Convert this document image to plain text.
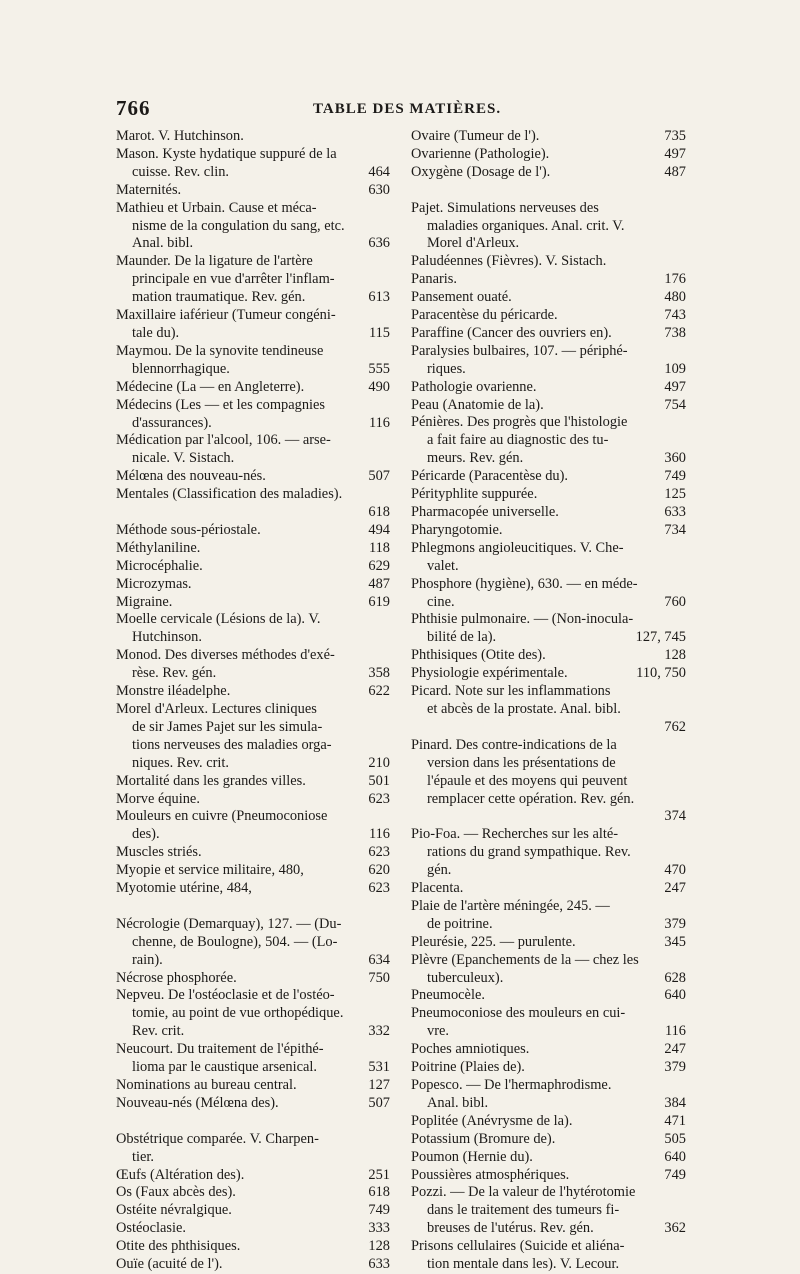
766	TABLE DES MATIÈRES.
Marot. V. Hutchinson.
Mason. Kyste hydatique suppuré de la
cuisse. Rev. clin.	464
Maternités.	630
Mathieu et Urbain. Cause et méca-
nisme de la congulation du sang, etc.
Anal. bibl.	636
Maunder. De la ligature de l'artère
principale en vue d'arrêter l'inflam-
mation traumatique. Rev. gén.	613
Maxillaire iaférieur (Tumeur congéni-
tale du).	115
Maymou. De la synovite tendineuse
blennorrhagique.	555
Médecine (La — en Angleterre).	490
Médecins (Les — et les compagnies
d'assurances).	116
Médication par l'alcool, 106. — arse-
nicale. V. Sistach.
Mélœna des nouveau-nés.	507
Mentales (Classification des maladies).

618
Méthode sous-périostale.	494
Méthylaniline.	118
Microcéphalie.	629
Microzymas.	487
Migraine.	619
Moelle cervicale (Lésions de la). V.
Hutchinson.
Monod. Des diverses méthodes d'exé-
rèse. Rev. gén.	358
Monstre iléadelphe.	622
Morel d'Arleux. Lectures cliniques
de sir James Pajet sur les simula-
tions nerveuses des maladies orga-
niques. Rev. crit.	210
Mortalité dans les grandes villes.	501
Morve équine.	623
Mouleurs en cuivre (Pneumoconiose
des).	116
Muscles striés.	623
Myopie et service militaire, 480,	620
Myotomie utérine, 484,	623
Nécrologie (Demarquay), 127. — (Du-
chenne, de Boulogne), 504. — (Lo-
rain).	634
Nécrose phosphorée.	750
Nepveu. De l'ostéoclasie et de l'ostéo-
tomie, au point de vue orthopédique.
Rev. crit.	332
Neucourt. Du traitement de l'épithé-
lioma par le caustique arsenical.	531
Nominations au bureau central.	127
Nouveau-nés (Mélœna des).	507
Obstétrique comparée. V. Charpen-
tier.
Œufs (Altération des).	251
Os (Faux abcès des).	618
Ostéite névralgique.	749
Ostéoclasie.	333
Otite des phthisiques.	128
Ouïe (acuité de l').	633
Ovaire (Tumeur de l').	735
Ovarienne (Pathologie).	497
Oxygène (Dosage de l').	487
Pajet. Simulations nerveuses des
maladies organiques. Anal. crit. V.
Morel d'Arleux.
Paludéennes (Fièvres). V. Sistach.
Panaris.	176
Pansement ouaté.	480
Paracentèse du péricarde.	743
Paraffine (Cancer des ouvriers en).	738
Paralysies bulbaires, 107. — périphé-
riques.	109
Pathologie ovarienne.	497
Peau (Anatomie de la).	754
Pénières. Des progrès que l'histologie
a fait faire au diagnostic des tu-
meurs. Rev. gén.	360
Péricarde (Paracentèse du).	749
Pérityphlite suppurée.	125
Pharmacopée universelle.	633
Pharyngotomie.	734
Phlegmons angioleucitiques. V. Che-
valet.
Phosphore (hygiène), 630. — en méde-
cine.	760
Phthisie pulmonaire. — (Non-inocula-
bilité de la).	127, 745
Phthisiques (Otite des).	128
Physiologie expérimentale.	110, 750
Picard. Note sur les inflammations
et abcès de la prostate. Anal. bibl.

762
Pinard. Des contre-indications de la
version dans les présentations de
l'épaule et des moyens qui peuvent
remplacer cette opération. Rev. gén.

374
Pio-Foa. — Recherches sur les alté-
rations du grand sympathique. Rev.
gén.	470
Placenta.	247
Plaie de l'artère méningée, 245. —
de poitrine.	379
Pleurésie, 225. — purulente.	345
Plèvre (Epanchements de la — chez les
tuberculeux).	628
Pneumocèle.	640
Pneumoconiose des mouleurs en cui-
vre.	116
Poches amniotiques.	247
Poitrine (Plaies de).	379
Popesco. — De l'hermaphrodisme.
Anal. bibl.	384
Poplitée (Anévrysme de la).	471
Potassium (Bromure de).	505
Poumon (Hernie du).	640
Poussières atmosphériques.	749
Pozzi. — De la valeur de l'hytérotomie
dans le traitement des tumeurs fi-
breuses de l'utérus. Rev. gén.	362
Prisons cellulaires (Suicide et aliéna-
tion mentale dans les). V. Lecour.
